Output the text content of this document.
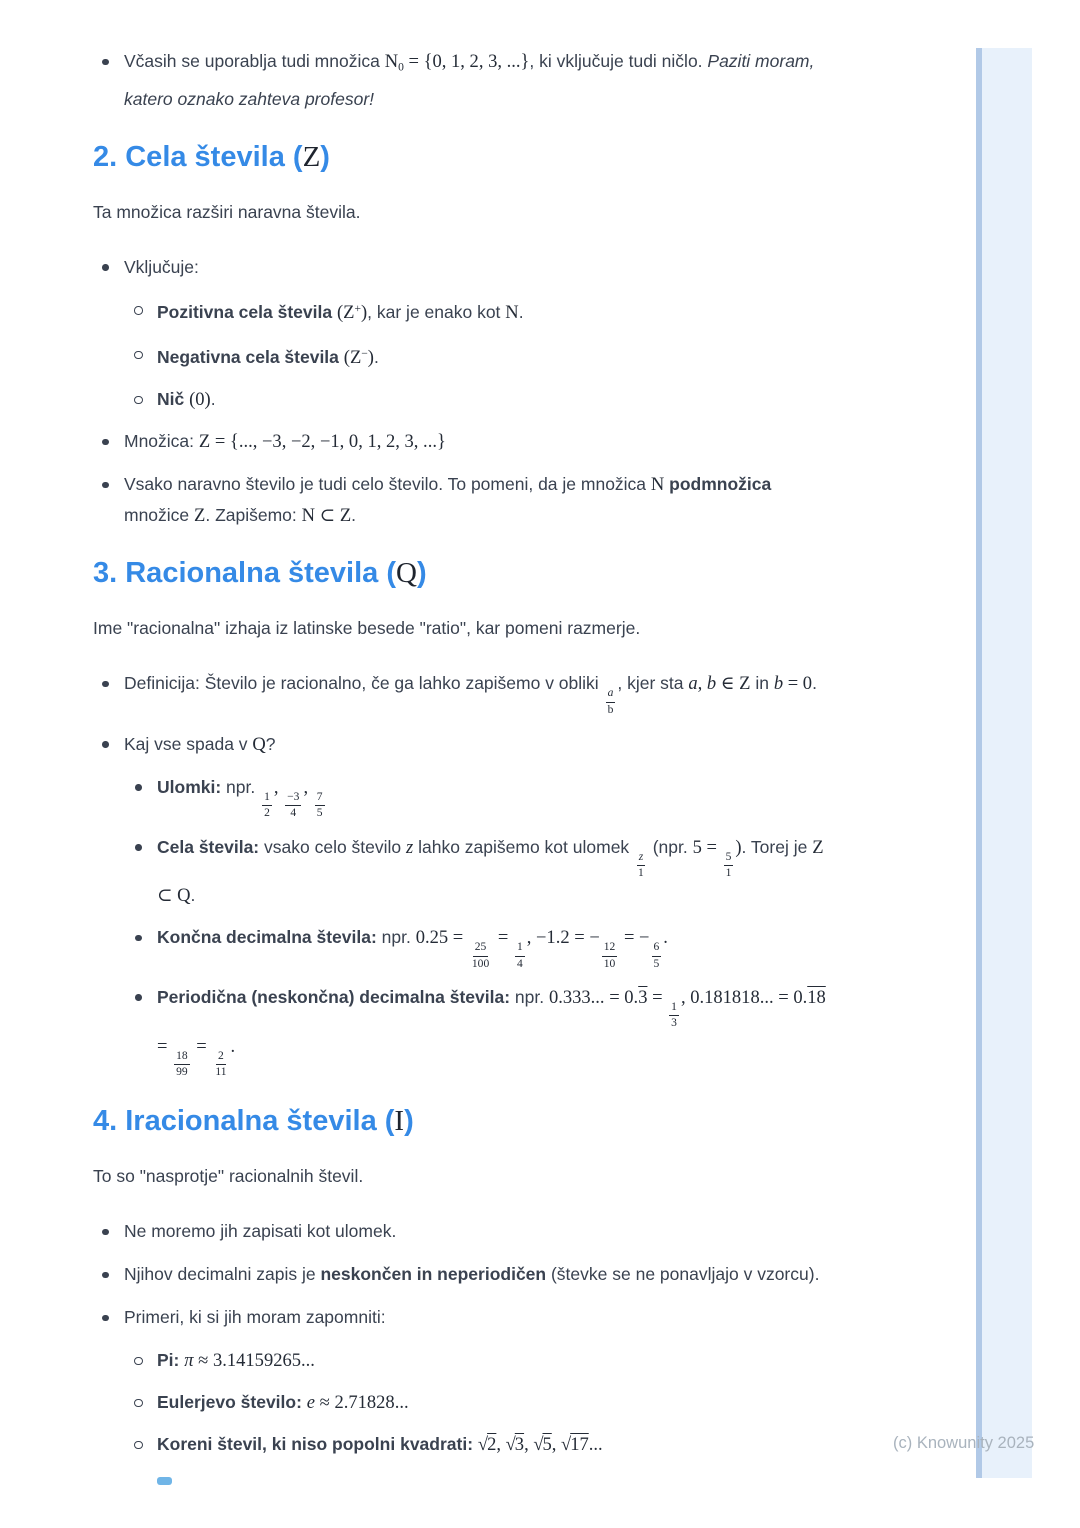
(c) Knowunity 2025
Včasih se uporablja tudi množica $N_0 = \{0$, 1, 2, 3, ...}, ki vključuje tudi ničlo. Paziti moram, katero oznako zahteva profesor!
2. Cela števila (Z)

Ta množica razširi naravna števila.

Vključuje:
Pozitivna cela števila (Z+), kar je enako kot N.
Negativna cela števila (Z−).
Nič (0).
Množica: Z = {..., −3, −2, −1, 0, 1, 2, 3, ...}
Vsako naravno število je tudi celo število. To pomeni, da je množica N podmnožica množice Z. Zapišemo: N ⊂ Z.
3. Racionalna števila (Q)

Ime "racionalna" izhaja iz latinske besede "ratio", kar pomeni razmerje.

Definicija: Število je racionalno, če ga lahko zapišemo v obliki
$\frac{a}{b}$
, kjer sta a, b ∈ Z in b = 0.
Kaj vse spada v Q?
Ulomki: npr.
$\frac{1}{2}$
,
$\frac{-3}{4}$
,
$\frac{7}{5}$
Cela števila: vsako celo število z lahko zapišemo kot ulomek
$\frac{z}{1}$
(npr. 5 =
$\frac{5}{1}$
). Torej je Z ⊂ Q.
Končna decimalna števila: npr. 0.25 =
$\frac{25}{100}$
=
$\frac{1}{4}$
, −1.2 = −
$\frac{12}{10}$
= −
$\frac{6}{5}$
.
Periodična (neskončna) decimalna števila: npr. 0.333... = 0.3 =
$\frac{1}{3}$
, 0.181818... = 0.18 =
$\frac{18}{99}$
=
$\frac{2}{11}$
.
4. Iracionalna števila (I)

To so "nasprotje" racionalnih števil.

Ne moremo jih zapisati kot ulomek.
Njihov decimalni zapis je neskončen in neperiodičen (števke se ne ponavljajo v vzorcu).
Primeri, ki si jih moram zapomniti:
Pi: π ≈ 3.14159265...
Eulerjevo število: e ≈ 2.71828...
Koreni števil, ki niso popolni kvadrati: √2, √3, √5, √17...
